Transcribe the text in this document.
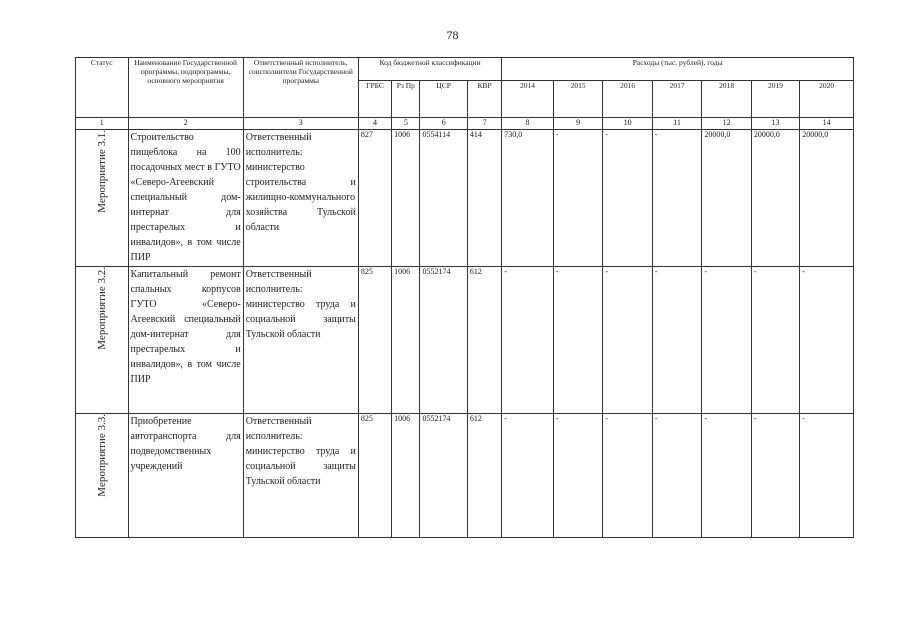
78
Статус	Наименование Государственной программы, подпрограммы, основного мероприятия	Ответственный исполнитель, соисполнители Государственной программы	Код бюджетной классификации				Расходы (тыс. рублей), годы						
			ГРБС	Рз Пр	ЦСР	КВР	2014	2015	2016	2017	2018	2019	2020
1	2	3	4	5	6	7	8	9	10	11	12	13	14
Мероприятие 3.1.	Строительство пищеблока на 100 посадочных мест в ГУТО «Северо-Агеевский специальный дом-интернат для престарелых и инвалидов», в том числе ПИР	Ответственный исполнитель: министерство строительства и жилищно-коммунального хозяйства Тульской области	827	1006	0554114	414	730,0	-	-	-	20000,0	20000,0	20000,0
Мероприятие 3.2.	Капитальный ремонт спальных корпусов ГУТО «Северо-Агеевский специальный дом-интернат для престарелых и инвалидов», в том числе ПИР	Ответственный исполнитель: министерство труда и социальной защиты Тульской области	825	1006	0552174	612	-	-	-	-	-	-	-
Мероприятие 3.3.	Приобретение автотранспорта для подведомственных учреждений	Ответственный исполнитель: министерство труда и социальной защиты Тульской области	825	1006	0552174	612	-	-	-	-	-	-	-
